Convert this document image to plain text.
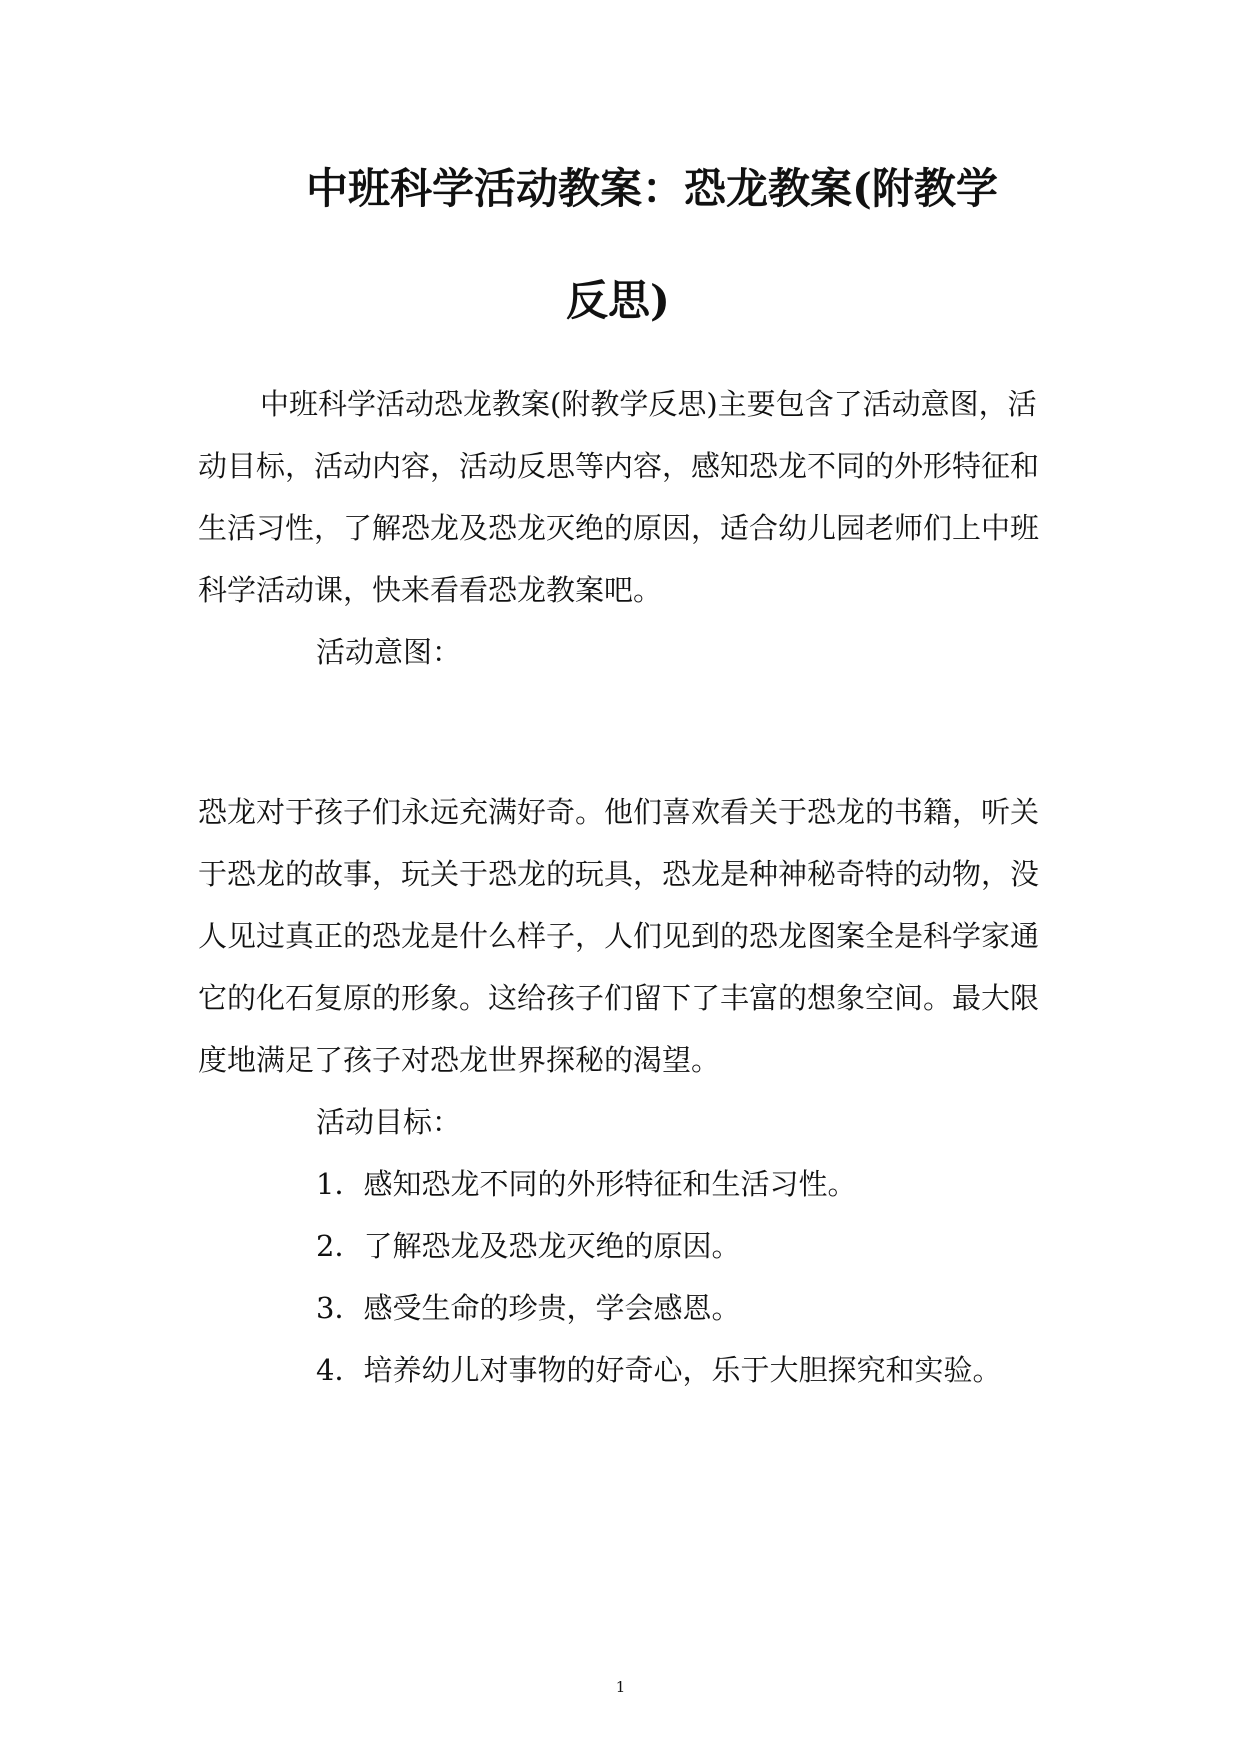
中班科学活动教案：恐龙教案(附教学
反思)
中班科学活动恐龙教案(附教学反思)主要包含了活动意图，活
动目标，活动内容，活动反思等内容，感知恐龙不同的外形特征和
生活习性，了解恐龙及恐龙灭绝的原因，适合幼儿园老师们上中班
科学活动课，快来看看恐龙教案吧。
活动意图：
恐龙对于孩子们永远充满好奇。他们喜欢看关于恐龙的书籍，听关
于恐龙的故事，玩关于恐龙的玩具，恐龙是种神秘奇特的动物，没
人见过真正的恐龙是什么样子，人们见到的恐龙图案全是科学家通
它的化石复原的形象。这给孩子们留下了丰富的想象空间。最大限
度地满足了孩子对恐龙世界探秘的渴望。
活动目标：
1．感知恐龙不同的外形特征和生活习性。
2．了解恐龙及恐龙灭绝的原因。
3．感受生命的珍贵，学会感恩。
4．培养幼儿对事物的好奇心，乐于大胆探究和实验。
1
